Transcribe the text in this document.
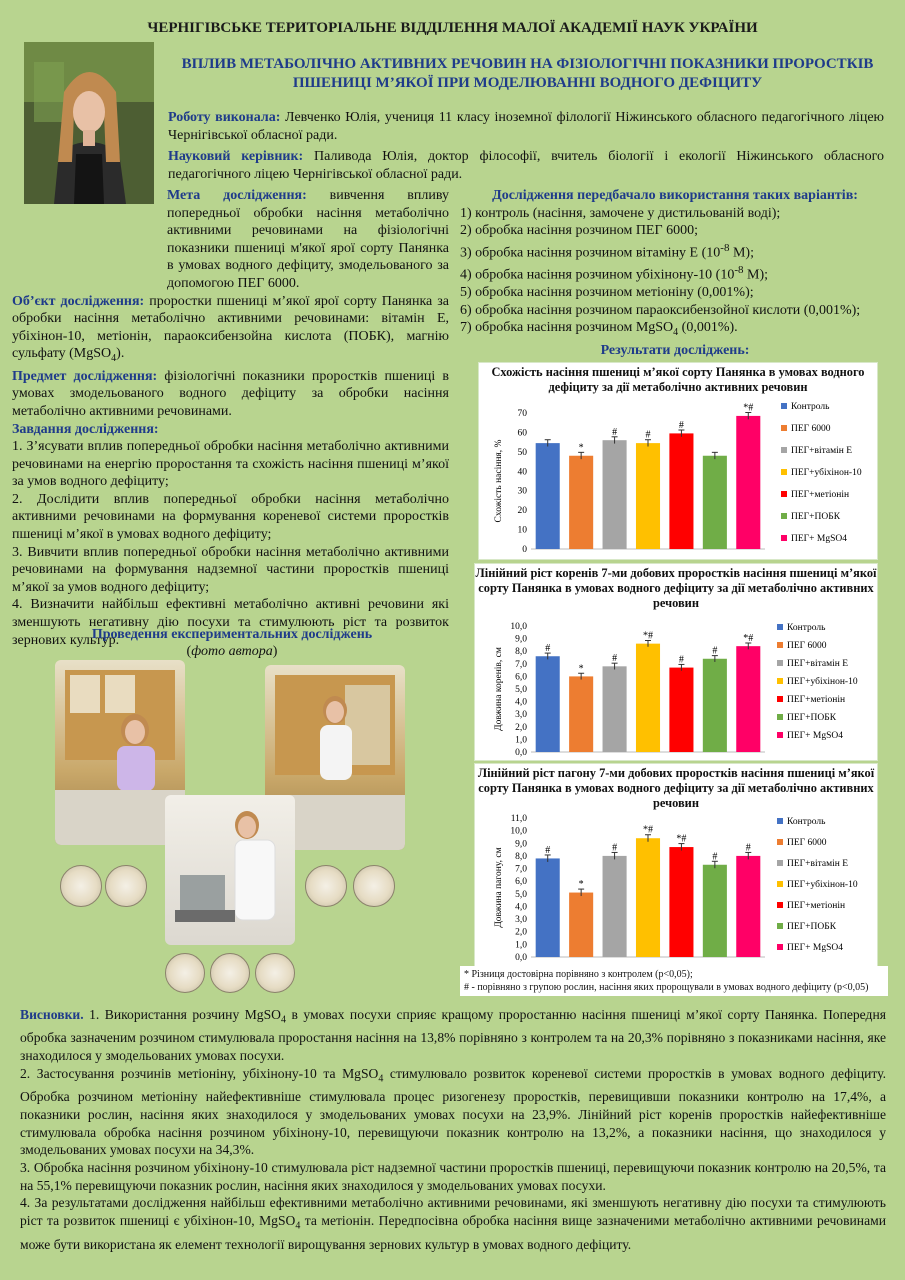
ЧЕРНІГІВСЬКЕ ТЕРИТОРІАЛЬНЕ ВІДДІЛЕННЯ МАЛОЇ АКАДЕМІЇ НАУК УКРАЇНИ
ВПЛИВ МЕТАБОЛІЧНО АКТИВНИХ РЕЧОВИН НА ФІЗІОЛОГІЧНІ ПОКАЗНИКИ ПРОРОСТКІВ ПШЕНИЦІ М’ЯКОЇ ПРИ МОДЕЛЮВАННІ ВОДНОГО ДЕФІЦИТУ
Роботу виконала: Левченко Юлія, учениця 11 класу іноземної філології Ніжинського обласного педагогічного ліцею Чернігівської обласної ради.
Науковий керівник: Паливода Юлія, доктор філософії, вчитель біології і екології Ніжинського обласного педагогічного ліцею Чернігівської обласної ради.
Мета дослідження: вивчення впливу попередньої обробки насіння метаболічно активними речовинами на фізіологічні показники пшениці м'якої ярої сорту Панянка в умовах водного дефіциту, змодельованого за допомогою ПЕГ 6000.
Об’єкт дослідження: проростки пшениці м’якої ярої сорту Панянка за обробки насіння метаболічно активними речовинами: вітамін Е, убіхінон-10, метіонін, параоксибензойна кислота (ПОБК), магнію сульфату (MgSO$_4$).
Предмет дослідження: фізіологічні показники проростків пшениці в умовах змодельованого водного дефіциту за обробки насіння метаболічно активними речовинами.
Завдання дослідження:
1. З’ясувати вплив попередньої обробки насіння метаболічно активними речовинами на енергію проростання та схожість насіння пшениці м’якої за умов водного дефіциту;
2. Дослідити вплив попередньої обробки насіння метаболічно активними речовинами на формування кореневої системи проростків пшениці м’якої в умовах водного дефіциту;
3. Вивчити вплив попередньої обробки насіння метаболічно активними речовинами на формування надземної частини проростків пшениці м’якої за умов водного дефіциту;
4. Визначити найбільш ефективні метаболічно активні речовини які зменшують негативну дію посухи та стимулюють ріст та розвиток зернових культур.
Проведення експериментальних досліджень
(фото автора)
Дослідження передбачало використання таких варіантів:
1) контроль (насіння, замочене у дистильованій воді);
2) обробка насіння розчином ПЕГ 6000;
3) обробка насіння розчином вітаміну Е ($10^{-8}$ М);
4) обробка насіння розчином убіхінону-10 ($10^{-8}$ М);
5) обробка насіння розчином метіоніну (0,001%);
6) обробка насіння розчином параоксибензойної кислоти (0,001%);
7) обробка насіння розчином MgSO$_4$ (0,001%).
Результати досліджень:
Схожість насіння пшениці м’якої сорту Панянка в умовах водного дефіциту за дії метаболічно активних речовин
0
10
20
30
40
50
60
70
Схожість насіння, %	*
#	#
#
*#	Контроль
ПЕГ 6000
ПЕГ+вітамін Е
ПЕГ+убіхінон-10
ПЕГ+метіонін
ПЕГ+ПОБК
ПЕГ+ MgSO4
Лінійний ріст коренів 7-ми добових проростків насіння пшениці м’якої сорту Панянка в умовах водного дефіциту за дії метаболічно активних речовин
0,0
1,0
2,0
3,0
4,0
5,0
6,0
7,0
8,0
9,0
10,0
Довжина коренів, см	#
*
#
*#
#
#
*#
Контроль
ПЕГ 6000
ПЕГ+вітамін Е
ПЕГ+убіхінон-10
ПЕГ+метіонін
ПЕГ+ПОБК
ПЕГ+ MgSO4
Лінійний ріст пагону 7-ми добових проростків насіння пшениці м’якої сорту Панянка в умовах водного дефіциту за дії метаболічно активних речовин
0,0
1,0
2,0
3,0
4,0
5,0
6,0
7,0
8,0
9,0
10,0
11,0
Довжина пагону, см	#
*
#
*#
*#
#
#
Контроль
ПЕГ 6000
ПЕГ+вітамін Е
ПЕГ+убіхінон-10
ПЕГ+метіонін
ПЕГ+ПОБК
ПЕГ+ MgSO4
* Різниця достовірна порівняно з контролем (р<0,05);
# - порівняно з групою рослин, насіння яких пророщували в умовах водного дефіциту (р<0,05)
Висновки. 1. Використання розчину MgSO$_4$ в умовах посухи сприяє кращому проростанню насіння пшениці м’якої сорту Панянка. Попередня обробка зазначеним розчином стимулювала проростання насіння на 13,8% порівняно з контролем та на 20,3% порівняно з показниками насіння, яке знаходилося у змодельованих умовах посухи.
2. Застосування розчинів метіоніну, убіхінону-10 та MgSO$_4$ стимулювало розвиток кореневої системи проростків в умовах водного дефіциту. Обробка розчином метіоніну найефективніше стимулювала процес ризогенезу проростків, перевищивши показники контролю на 17,4%, а показники рослин, насіння яких знаходилося у змодельованих умовах посухи на 23,9%. Лінійний ріст коренів проростків найефективніше стимулювала обробка насіння розчином убіхінону-10, перевищуючи показник контролю на 13,2%, а показники насіння, що знаходилося у змодельованих умовах посухи на 34,3%.
3. Обробка насіння розчином убіхінону-10 стимулювала ріст надземної частини проростків пшениці, перевищуючи показник контролю на 20,5%, та на 55,1% перевищуючи показник рослин, насіння яких знаходилося у змодельованих умовах посухи.
4. За результатами дослідження найбільш ефективними метаболічно активними речовинами, які зменшують негативну дію посухи та стимулюють ріст та розвиток пшениці є убіхінон-10, MgSO$_4$ та метіонін. Передпосівна обробка насіння вище зазначеними метаболічно активними речовинами може бути використана як елемент технології вирощування зернових культур в умовах водного дефіциту.
